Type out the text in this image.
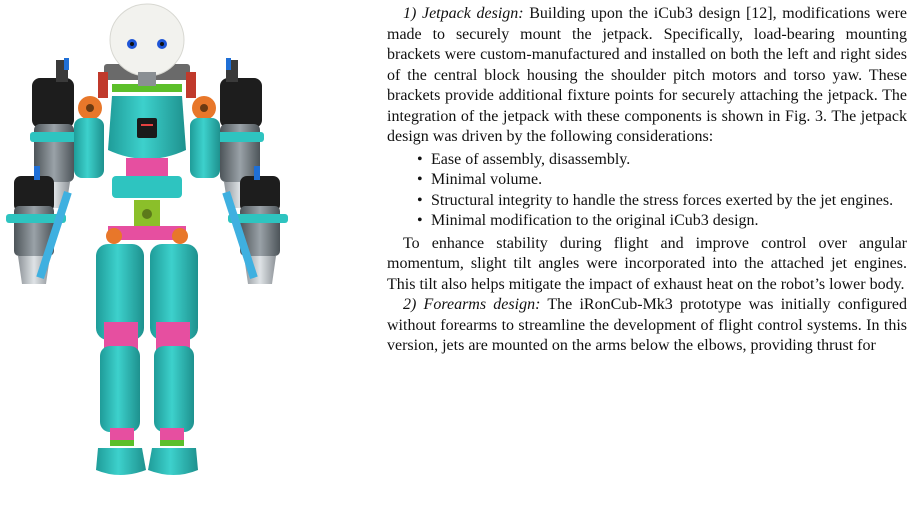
1) Jetpack design: Building upon the iCub3 design [12], modifications were made to securely mount the jetpack. Specifically, load-bearing mounting brackets were custom-manufactured and installed on both the left and right sides of the central block housing the shoulder pitch motors and torso yaw. These brackets provide additional fixture points for securely attaching the jetpack. The integration of the jetpack with these components is shown in Fig. 3. The jetpack design was driven by the following considerations:

• Ease of assembly, disassembly.
• Minimal volume.
• Structural integrity to handle the stress forces exerted by the jet engines.
• Minimal modification to the original iCub3 design.

To enhance stability during flight and improve control over angular momentum, slight tilt angles were incorporated into the attached jet engines. This tilt also helps mitigate the impact of exhaust heat on the robot’s lower body.

2) Forearms design: The iRonCub-Mk3 prototype was initially configured without forearms to streamline the development of flight control systems. In this version, jets are mounted on the arms below the elbows, providing thrust for
